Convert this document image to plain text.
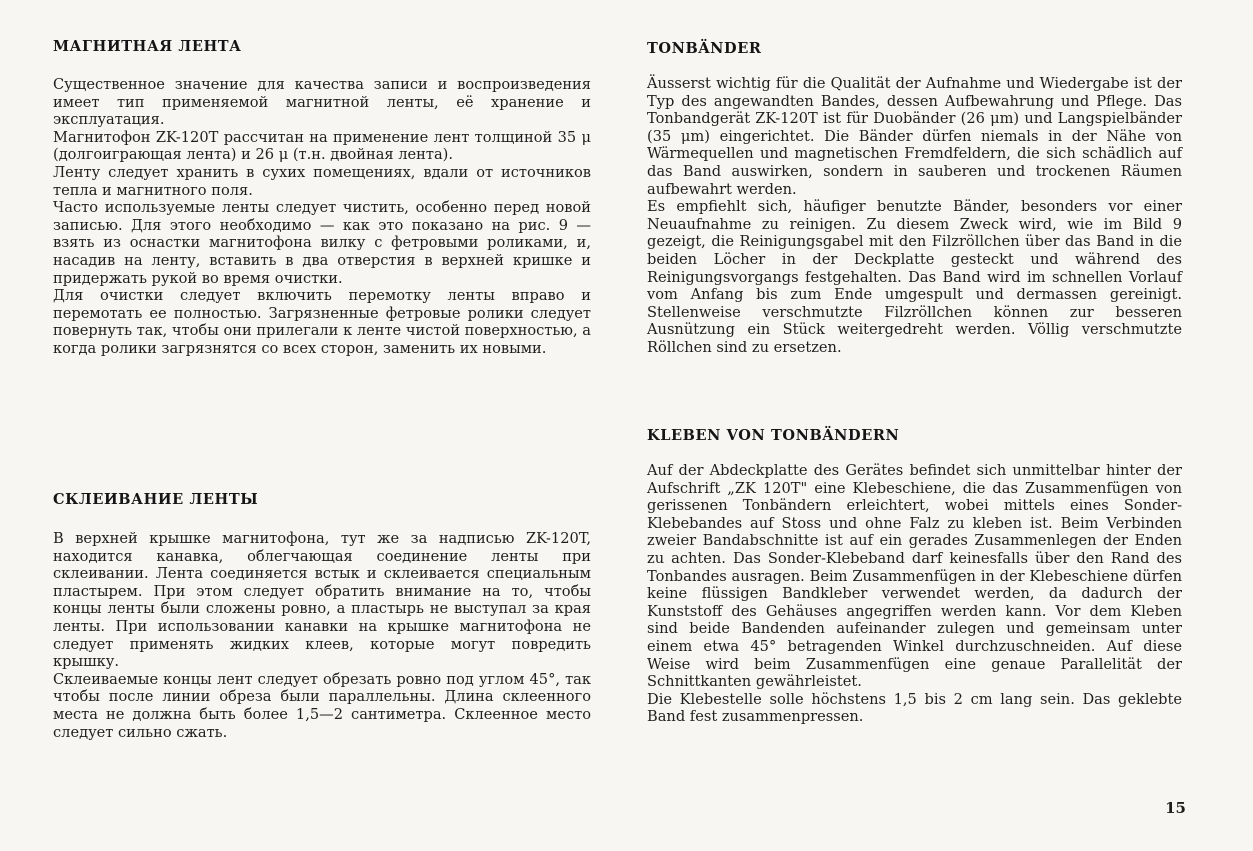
МАГНИТНАЯ ЛЕНТА

Существенное значение для качества записи и воспроизведения имеет тип применяемой магнитной ленты, её хранение и эксплуатация.

Магнитофон ZK-120T рассчитан на применение лент толщиной 35 μ (долгоиграющая лента) и 26 μ (т.н. двойная лента).

Ленту следует хранить в сухих помещениях, вдали от источников тепла и магнитного поля.

Часто используемые ленты следует чистить, особенно перед новой записью. Для этого необходимо — как это показано на рис. 9 — взять из оснастки магнитофона вилку с фетровыми роликами, и, насадив на ленту, вставить в два отверстия в верхней кришке и придержать рукой во время очистки.

Для очистки следует включить перемотку ленты вправо и перемотать ее полностью. Загрязненные фетровые ролики следует повернуть так, чтобы они прилегали к ленте чистой поверхностью, а когда ролики загрязнятся со всех сторон, заменить их новыми.

СКЛЕИВАНИЕ ЛЕНТЫ

В верхней крышке магнитофона, тут же за надписью ZK-120T, находится канавка, облегчающая соединение ленты при склеивании. Лента соединяется встык и склеивается специальным пластырем. При этом следует обратить внимание на то, чтобы концы ленты были сложены ровно, а пластырь не выступал за края ленты. При использовании канавки на крышке магнитофона не следует применять жидких клеев, которые могут повредить крышку.

Склеиваемые концы лент следует обрезать ровно под углом 45°, так чтобы после линии обреза были параллельны. Длина склеенного места не должна быть более 1,5—2 сантиметра. Склеенное место следует сильно сжать.

TONBÄNDER

Äusserst wichtig für die Qualität der Aufnahme und Wiedergabe ist der Typ des angewandten Bandes, dessen Aufbewahrung und Pflege. Das Tonbandgerät ZK-120T ist für Duobänder (26 μm) und Langspielbänder (35 μm) eingerichtet. Die Bänder dürfen niemals in der Nähe von Wärmequellen und magnetischen Fremdfeldern, die sich schädlich auf das Band auswirken, sondern in sauberen und trockenen Räumen aufbewahrt werden.

Es empfiehlt sich, häufiger benutzte Bänder, besonders vor einer Neuaufnahme zu reinigen. Zu diesem Zweck wird, wie im Bild 9 gezeigt, die Reinigungsgabel mit den Filzröllchen über das Band in die beiden Löcher in der Deckplatte gesteckt und während des Reinigungsvorgangs festgehalten. Das Band wird im schnellen Vorlauf vom Anfang bis zum Ende umgespult und dermassen gereinigt. Stellenweise verschmutzte Filzröllchen können zur besseren Ausnützung ein Stück weitergedreht werden. Völlig verschmutzte Röllchen sind zu ersetzen.

KLEBEN VON TONBÄNDERN

Auf der Abdeckplatte des Gerätes befindet sich unmittelbar hinter der Aufschrift „ZK 120T" eine Klebeschiene, die das Zusammenfügen von gerissenen Tonbändern erleichtert, wobei mittels eines Sonder-Klebebandes auf Stoss und ohne Falz zu kleben ist. Beim Verbinden zweier Bandabschnitte ist auf ein gerades Zusammenlegen der Enden zu achten. Das Sonder-Klebeband darf keinesfalls über den Rand des Tonbandes ausragen. Beim Zusammenfügen in der Klebeschiene dürfen keine flüssigen Bandkleber verwendet werden, da dadurch der Kunststoff des Gehäuses angegriffen werden kann. Vor dem Kleben sind beide Bandenden aufeinander zulegen und gemeinsam unter einem etwa 45° betragenden Winkel durchzuschneiden. Auf diese Weise wird beim Zusammenfügen eine genaue Parallelität der Schnittkanten gewährleistet.

Die Klebestelle solle höchstens 1,5 bis 2 cm lang sein. Das geklebte Band fest zusammenpressen.

15
